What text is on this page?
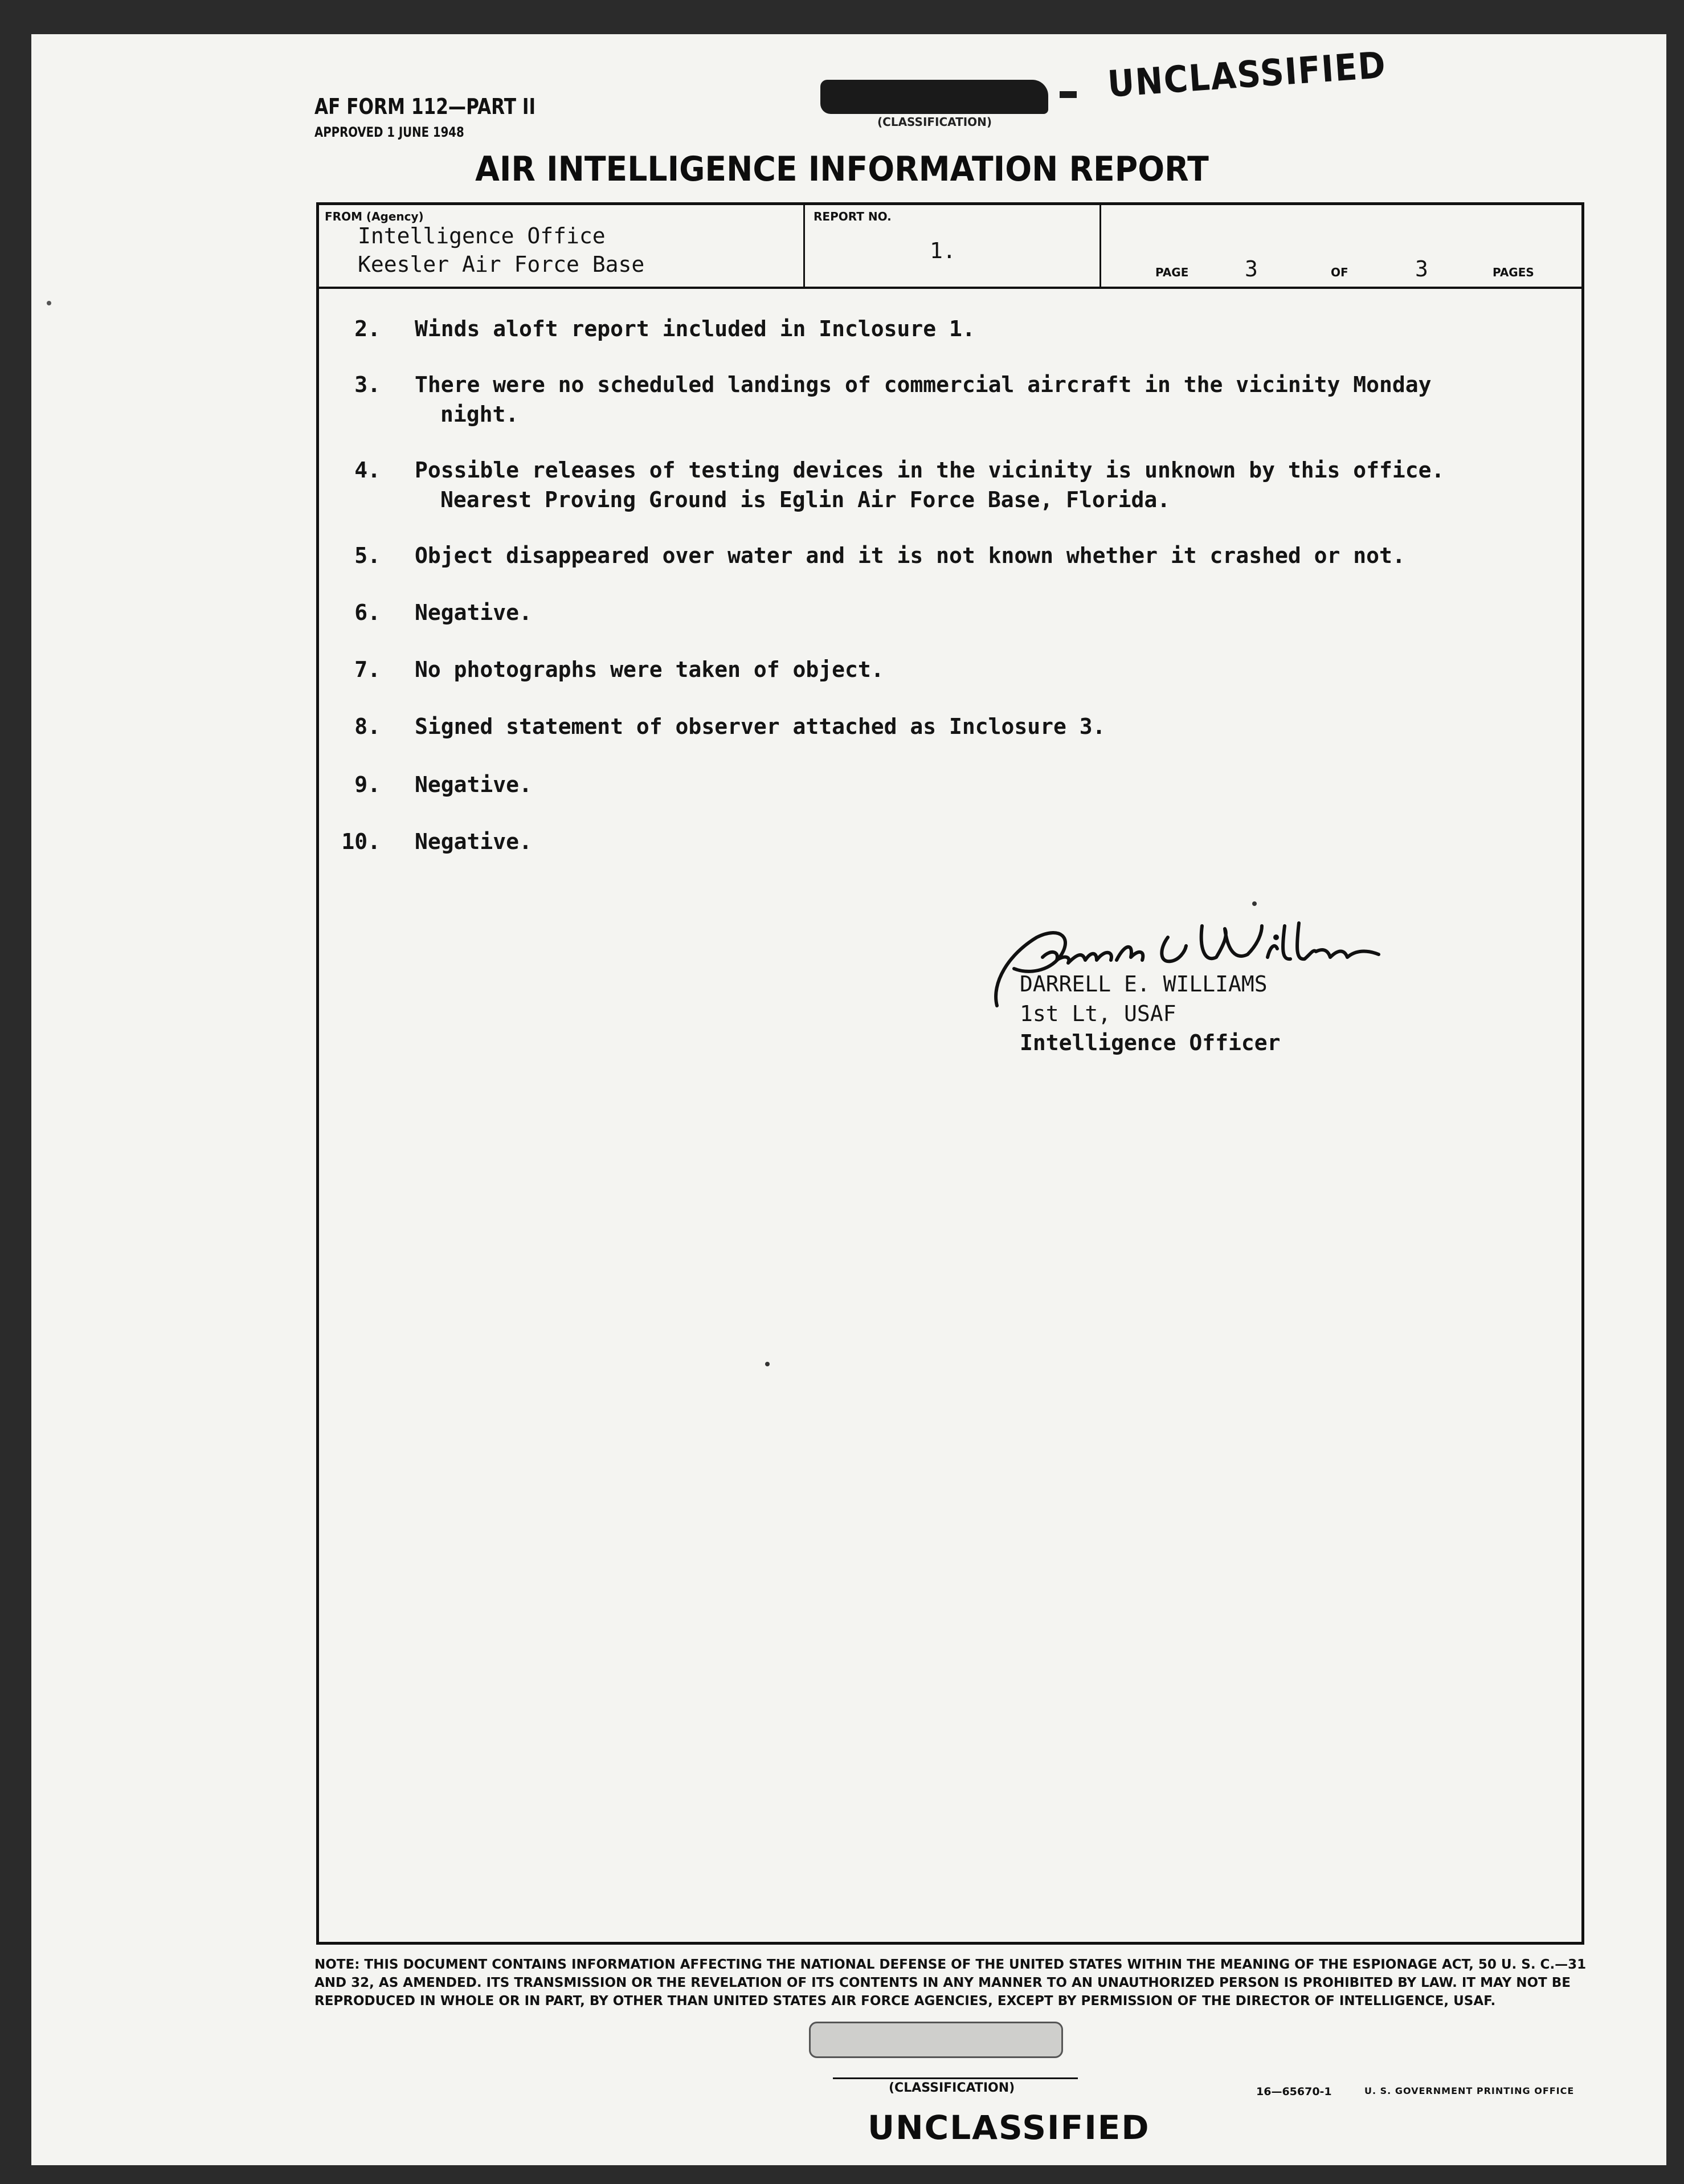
AF FORM 112—PART II
APPROVED 1 JUNE 1948
(CLASSIFICATION)
UNCLASSIFIED
AIR INTELLIGENCE INFORMATION REPORT
FROM (Agency)
Intelligence Office
Keesler Air Force Base
REPORT NO.
1.
PAGE	3	OF	3	PAGES
2. Winds aloft report included in Inclosure 1.
3. There were no scheduled landings of commercial aircraft in the vicinity Monday
night.
4. Possible releases of testing devices in the vicinity is unknown by this office.
Nearest Proving Ground is Eglin Air Force Base, Florida.
5. Object disappeared over water and it is not known whether it crashed or not.
6. Negative.
7. No photographs were taken of object.
8. Signed statement of observer attached as Inclosure 3.
9. Negative.
10. Negative.
DARRELL E. WILLIAMS
1st Lt, USAF
Intelligence Officer
NOTE: THIS DOCUMENT CONTAINS INFORMATION AFFECTING THE NATIONAL DEFENSE OF THE UNITED STATES WITHIN THE MEANING OF THE ESPIONAGE ACT, 50 U. S. C.—31 AND 32, AS AMENDED. ITS TRANSMISSION OR THE REVELATION OF ITS CONTENTS IN ANY MANNER TO AN UNAUTHORIZED PERSON IS PROHIBITED BY LAW. IT MAY NOT BE REPRODUCED IN WHOLE OR IN PART, BY OTHER THAN UNITED STATES AIR FORCE AGENCIES, EXCEPT BY PERMISSION OF THE DIRECTOR OF INTELLIGENCE, USAF.
(CLASSIFICATION)	16—65670-1	U. S. GOVERNMENT PRINTING OFFICE
UNCLASSIFIED
